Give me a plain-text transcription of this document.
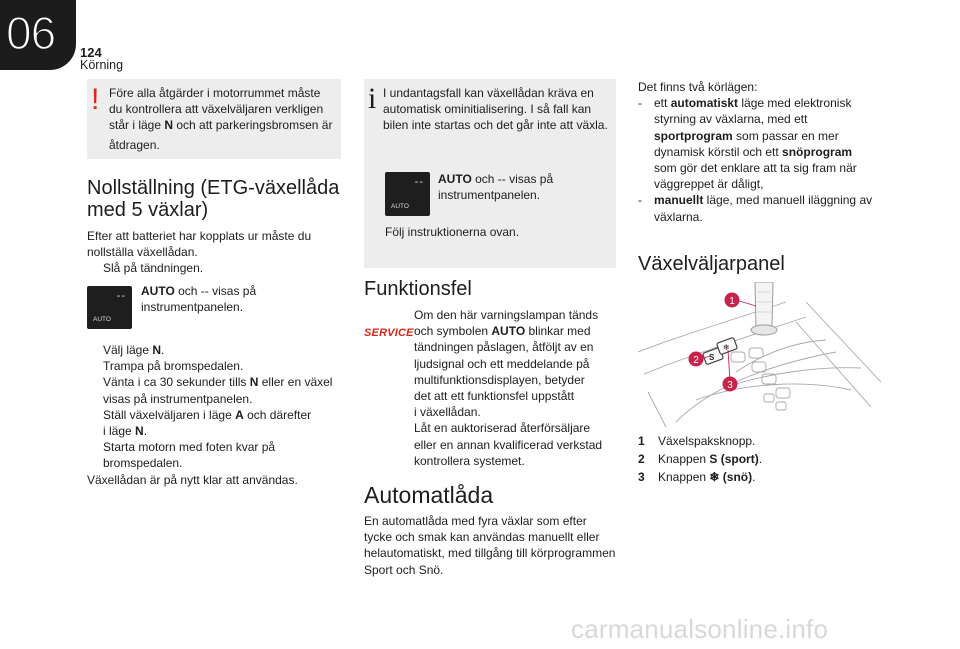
06 124
Körning
! Före alla åtgärder i motorrummet måste
du kontrollera att växelväljaren verkligen
står i läge N och att parkeringsbromsen är
åtdragen.
Nollställning (ETG-växellåda
med 5 växlar)
Efter att batteriet har kopplats ur måste du
nollställa växellådan.
Slå på tändningen.
--
AUTO
AUTO och -- visas på
instrumentpanelen.
Välj läge N.
Trampa på bromspedalen.
Vänta i ca 30 sekunder tills N eller en växel
visas på instrumentpanelen.
Ställ växelväljaren i läge A och därefter
i läge N.
Starta motorn med foten kvar på
bromspedalen.
Växellådan är på nytt klar att användas.
i I undantagsfall kan växellådan kräva en
automatisk ominitialisering. I så fall kan
bilen inte startas och det går inte att växla.
--
AUTO
AUTO och -- visas på
instrumentpanelen.
Följ instruktionerna ovan.
Funktionsfel
SERVICE
Om den här varningslampan tänds
och symbolen AUTO blinkar med
tändningen påslagen, åtföljt av en
ljudsignal och ett meddelande på
multifunktionsdisplayen, betyder
det att ett funktionsfel uppstått
i växellådan.
Låt en auktoriserad återförsäljare
eller en annan kvalificerad verkstad
kontrollera systemet.
Automatlåda
En automatlåda med fyra växlar som efter
tycke och smak kan användas manuellt eller
helautomatiskt, med tillgång till körprogrammen
Sport och Snö.
Det finns två körlägen:
- ett automatiskt läge med elektronisk
styrning av växlarna, med ett
sportprogram som passar en mer
dynamisk körstil och ett snöprogram
som gör det enklare att ta sig fram när
väggreppet är dåligt,
- manuellt läge, med manuell iläggning av
växlarna.
Växelväljarpanel
S
❄
1
2
3
1 Växelspaksknopp.
2 Knappen S (sport).
3 Knappen ❄ (snö).
carmanualsonline.info
